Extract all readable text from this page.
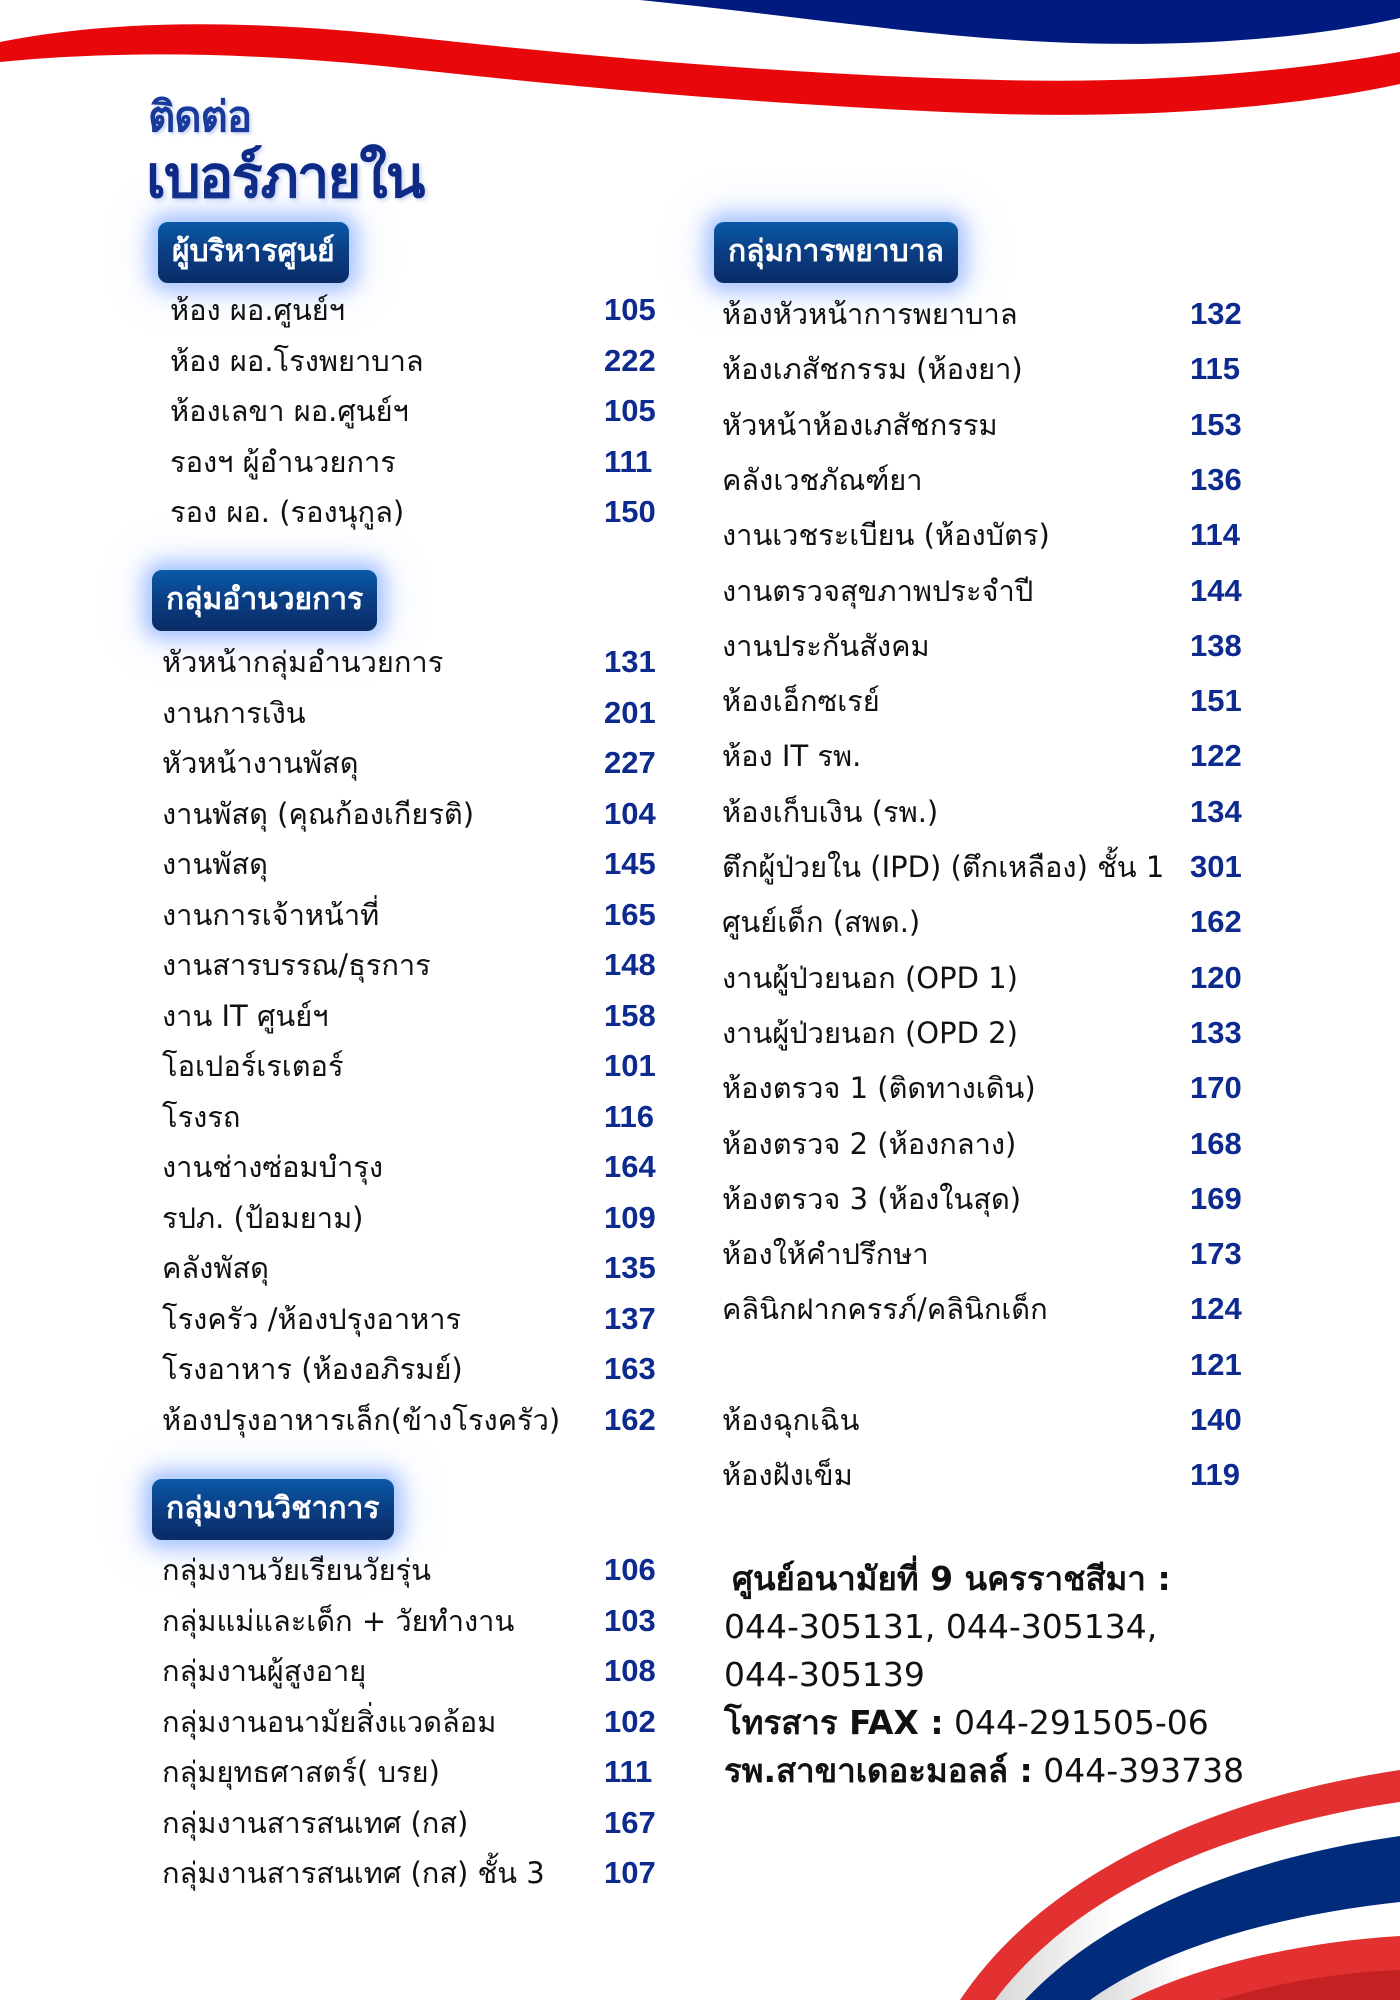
ติดต่อ
เบอร์ภายใน
ผู้บริหารศูนย์
ห้อง ผอ.ศูนย์ฯ	105
ห้อง ผอ.โรงพยาบาล	222
ห้องเลขา ผอ.ศูนย์ฯ	105
รองฯ ผู้อำนวยการ	111
รอง ผอ. (รองนุกูล)	150
กลุ่มอำนวยการ
หัวหน้ากลุ่มอำนวยการ	131
งานการเงิน	201
หัวหน้างานพัสดุ	227
งานพัสดุ (คุณก้องเกียรติ)	104
งานพัสดุ	145
งานการเจ้าหน้าที่	165
งานสารบรรณ/ธุรการ	148
งาน IT ศูนย์ฯ	158
โอเปอร์เรเตอร์	101
โรงรถ	116
งานช่างซ่อมบำรุง	164
รปภ. (ป้อมยาม)	109
คลังพัสดุ	135
โรงครัว /ห้องปรุงอาหาร	137
โรงอาหาร (ห้องอภิรมย์)	163
ห้องปรุงอาหารเล็ก(ข้างโรงครัว) 162
กลุ่มงานวิชาการ
กลุ่มงานวัยเรียนวัยรุ่น	106
กลุ่มแม่และเด็ก + วัยทำงาน	103
กลุ่มงานผู้สูงอายุ	108
กลุ่มงานอนามัยสิ่งแวดล้อม	102
กลุ่มยุทธศาสตร์( บรย)	111
กลุ่มงานสารสนเทศ (กส)	167
กลุ่มงานสารสนเทศ (กส) ชั้น 3 107
กลุ่มการพยาบาล
ห้องหัวหน้าการพยาบาล	132
ห้องเภสัชกรรม (ห้องยา)	115
หัวหน้าห้องเภสัชกรรม	153
คลังเวชภัณฑ์ยา	136
งานเวชระเบียน (ห้องบัตร)	114
งานตรวจสุขภาพประจำปี	144
งานประกันสังคม	138
ห้องเอ็กซเรย์	151
ห้อง IT รพ.	122
ห้องเก็บเงิน (รพ.)	134
ตึกผู้ป่วยใน (IPD) (ตึกเหลือง) ชั้น 1 301
ศูนย์เด็ก (สพด.)	162
งานผู้ป่วยนอก (OPD 1)	120
งานผู้ป่วยนอก (OPD 2)	133
ห้องตรวจ 1 (ติดทางเดิน)	170
ห้องตรวจ 2 (ห้องกลาง)	168
ห้องตรวจ 3 (ห้องในสุด)	169
ห้องให้คำปรึกษา	173
คลินิกฝากครรภ์/คลินิกเด็ก	124
121
ห้องฉุกเฉิน	140
ห้องฝังเข็ม	119
ศูนย์อนามัยที่ 9 นครราชสีมา :
044-305131, 044-305134,
044-305139
โทรสาร FAX : 044-291505-06
รพ.สาขาเดอะมอลล์ : 044-393738
